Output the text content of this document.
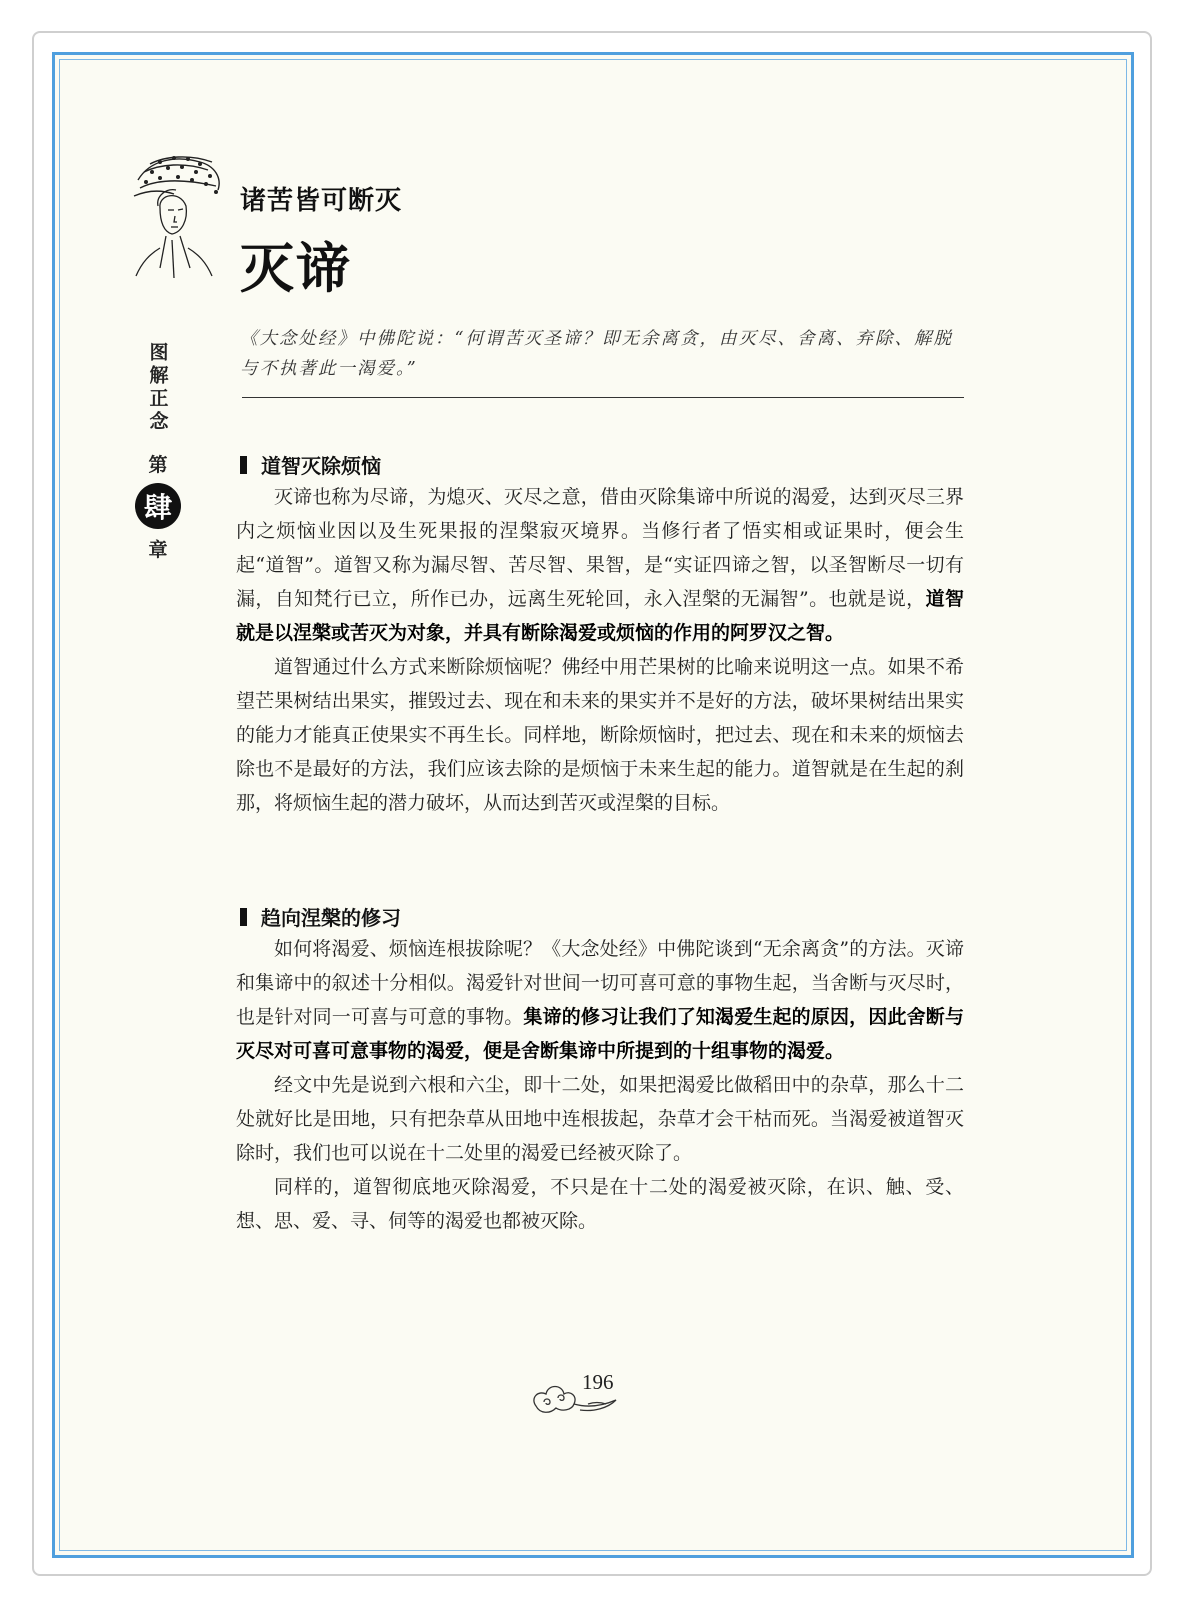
诸苦皆可断灭
灭谛
图解正念
第
肆
章
《大念处经》中佛陀说：“何谓苦灭圣谛？即无余离贪，由灭尽、舍离、弃除、解脱与不执著此一渴爱。”
道智灭除烦恼

灭谛也称为尽谛，为熄灭、灭尽之意，借由灭除集谛中所说的渴爱，达到灭尽三界内之烦恼业因以及生死果报的涅槃寂灭境界。当修行者了悟实相或证果时，便会生起“道智”。道智又称为漏尽智、苦尽智、果智，是“实证四谛之智，以圣智断尽一切有漏，自知梵行已立，所作已办，远离生死轮回，永入涅槃的无漏智”。也就是说，道智就是以涅槃或苦灭为对象，并具有断除渴爱或烦恼的作用的阿罗汉之智。

道智通过什么方式来断除烦恼呢？佛经中用芒果树的比喻来说明这一点。如果不希望芒果树结出果实，摧毁过去、现在和未来的果实并不是好的方法，破坏果树结出果实的能力才能真正使果实不再生长。同样地，断除烦恼时，把过去、现在和未来的烦恼去除也不是最好的方法，我们应该去除的是烦恼于未来生起的能力。道智就是在生起的刹那，将烦恼生起的潜力破坏，从而达到苦灭或涅槃的目标。

趋向涅槃的修习

如何将渴爱、烦恼连根拔除呢？《大念处经》中佛陀谈到“无余离贪”的方法。灭谛和集谛中的叙述十分相似。渴爱针对世间一切可喜可意的事物生起，当舍断与灭尽时，也是针对同一可喜与可意的事物。集谛的修习让我们了知渴爱生起的原因，因此舍断与灭尽对可喜可意事物的渴爱，便是舍断集谛中所提到的十组事物的渴爱。

经文中先是说到六根和六尘，即十二处，如果把渴爱比做稻田中的杂草，那么十二处就好比是田地，只有把杂草从田地中连根拔起，杂草才会干枯而死。当渴爱被道智灭除时，我们也可以说在十二处里的渴爱已经被灭除了。

同样的，道智彻底地灭除渴爱，不只是在十二处的渴爱被灭除，在识、触、受、想、思、爱、寻、伺等的渴爱也都被灭除。

196
